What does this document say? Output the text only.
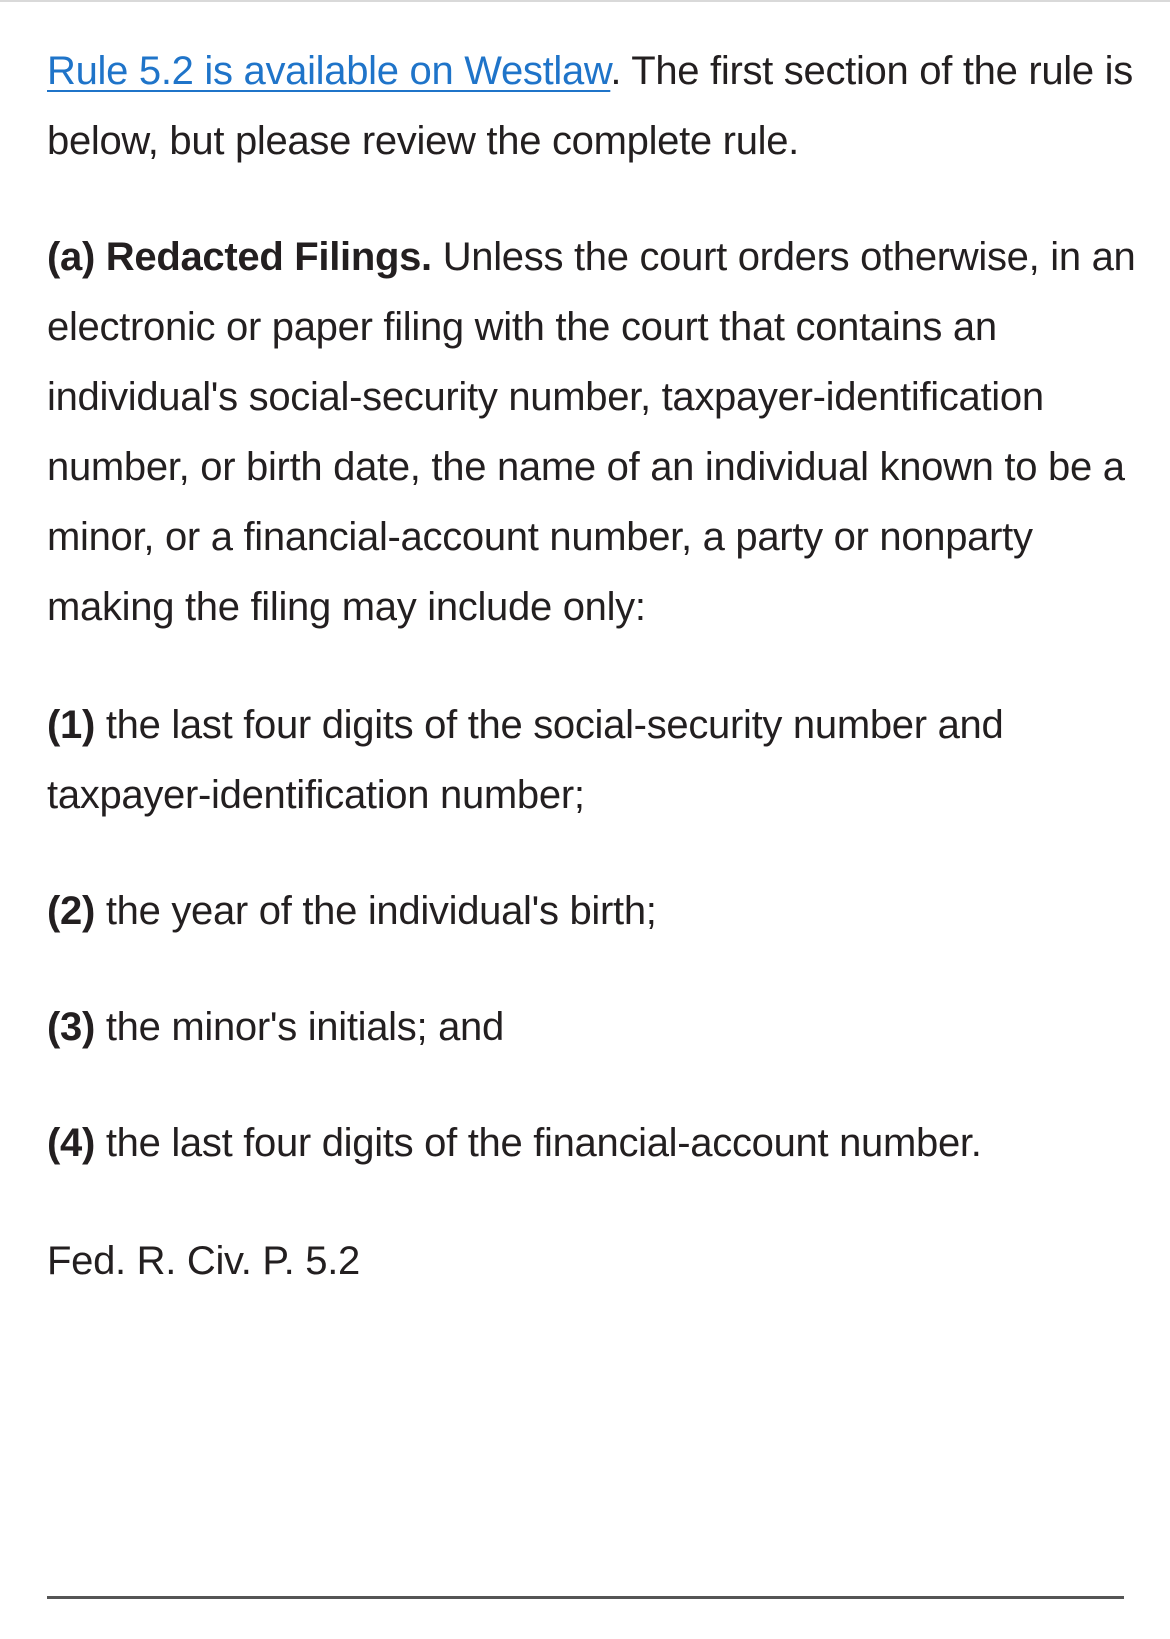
Rule 5.2 is available on Westlaw. The first section of the rule is below, but please review the complete rule.

(a) Redacted Filings. Unless the court orders otherwise, in an electronic or paper filing with the court that contains an individual's social-security number, taxpayer-identification number, or birth date, the name of an individual known to be a minor, or a financial-account number, a party or nonparty making the filing may include only:

(1) the last four digits of the social-security number and taxpayer-identification number;

(2) the year of the individual's birth;

(3) the minor's initials; and

(4) the last four digits of the financial-account number.

Fed. R. Civ. P. 5.2
